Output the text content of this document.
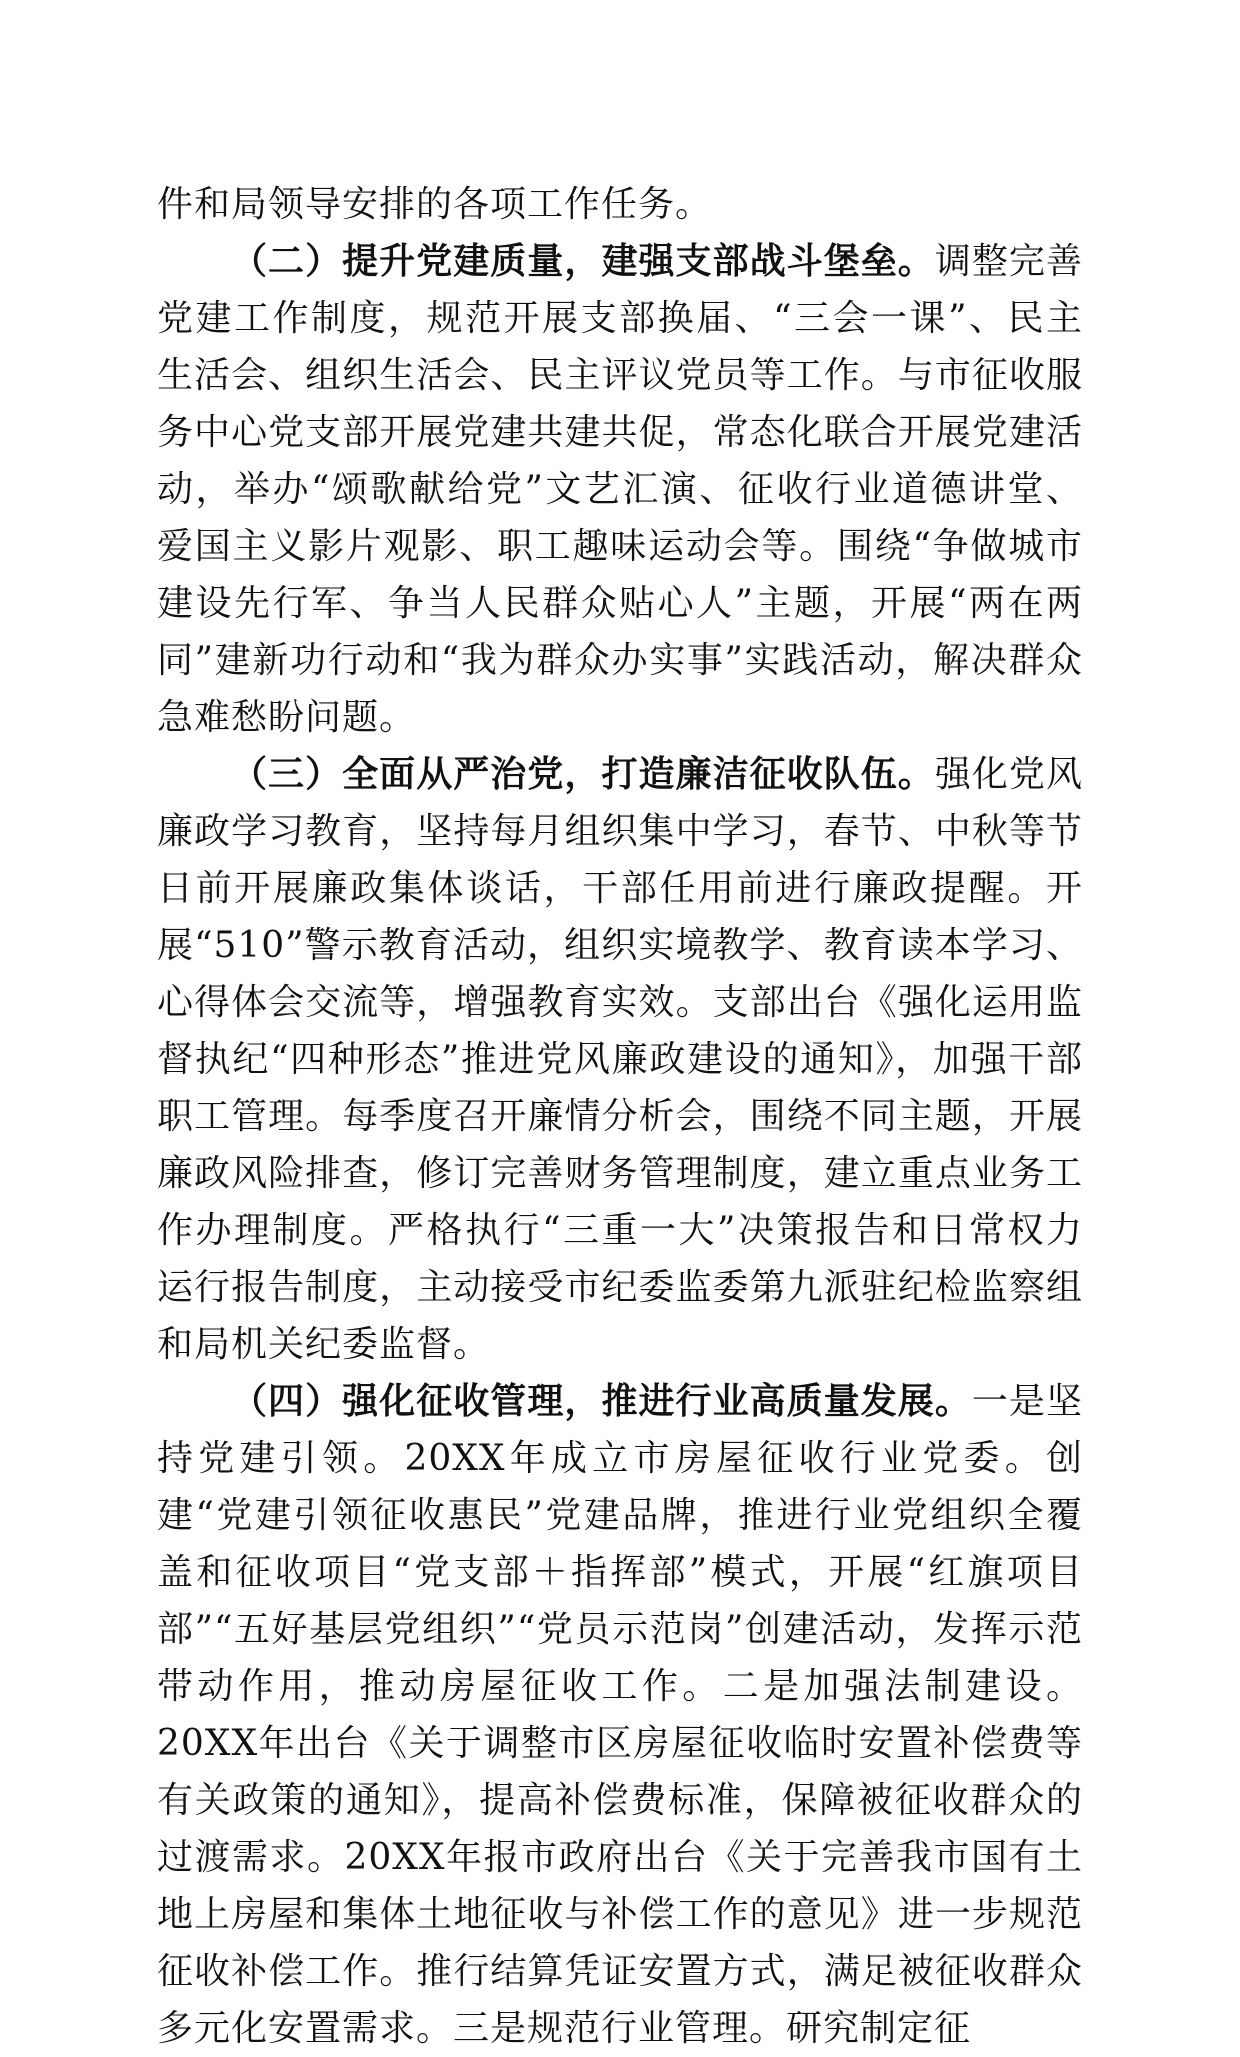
件和局领导安排的各项工作任务。

（二）提升党建质量，建强支部战斗堡垒。调整完善党建工作制度，规范开展支部换届、“三会一课”、民主生活会、组织生活会、民主评议党员等工作。与市征收服务中心党支部开展党建共建共促，常态化联合开展党建活动，举办“颂歌献给党”文艺汇演、征收行业道德讲堂、爱国主义影片观影、职工趣味运动会等。围绕“争做城市建设先行军、争当人民群众贴心人”主题，开展“两在两同”建新功行动和“我为群众办实事”实践活动，解决群众急难愁盼问题。

（三）全面从严治党，打造廉洁征收队伍。强化党风廉政学习教育，坚持每月组织集中学习，春节、中秋等节日前开展廉政集体谈话，干部任用前进行廉政提醒。开展“510”警示教育活动，组织实境教学、教育读本学习、心得体会交流等，增强教育实效。支部出台《强化运用监督执纪“四种形态”推进党风廉政建设的通知》，加强干部职工管理。每季度召开廉情分析会，围绕不同主题，开展廉政风险排查，修订完善财务管理制度，建立重点业务工作办理制度。严格执行“三重一大”决策报告和日常权力运行报告制度，主动接受市纪委监委第九派驻纪检监察组和局机关纪委监督。

（四）强化征收管理，推进行业高质量发展。一是坚持党建引领。20XX年成立市房屋征收行业党委。创建“党建引领征收惠民”党建品牌，推进行业党组织全覆盖和征收项目“党支部＋指挥部”模式，开展“红旗项目部”“五好基层党组织”“党员示范岗”创建活动，发挥示范带动作用，推动房屋征收工作。二是加强法制建设。20XX年出台《关于调整市区房屋征收临时安置补偿费等有关政策的通知》，提高补偿费标准，保障被征收群众的过渡需求。20XX年报市政府出台《关于完善我市国有土地上房屋和集体土地征收与补偿工作的意见》进一步规范征收补偿工作。推行结算凭证安置方式，满足被征收群众多元化安置需求。三是规范行业管理。研究制定征
